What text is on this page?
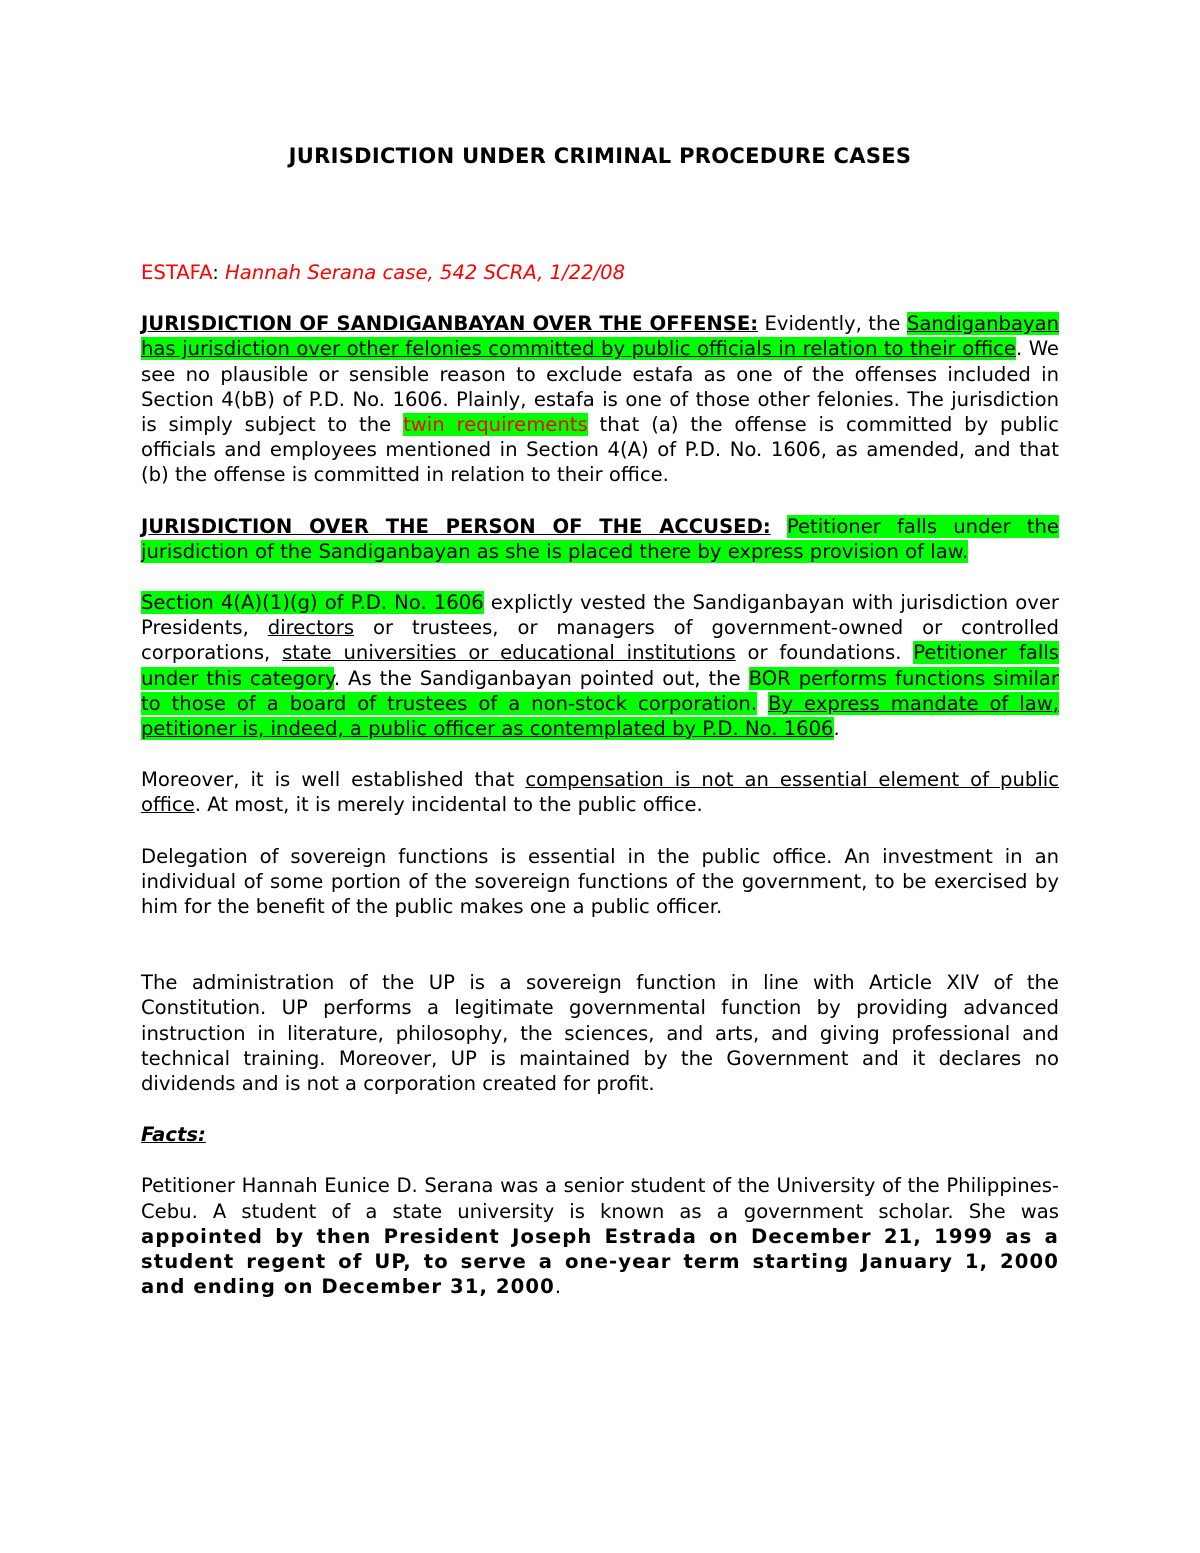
JURISDICTION UNDER CRIMINAL PROCEDURE CASES

ESTAFA: Hannah Serana case, 542 SCRA, 1/22/08

JURISDICTION OF SANDIGANBAYAN OVER THE OFFENSE: Evidently, the Sandiganbayan has jurisdiction over other felonies committed by public officials in relation to their office. We see no plausible or sensible reason to exclude estafa as one of the offenses included in Section 4(bB) of P.D. No. 1606. Plainly, estafa is one of those other felonies. The jurisdiction is simply subject to the twin requirements that (a) the offense is committed by public officials and employees mentioned in Section 4(A) of P.D. No. 1606, as amended, and that (b) the offense is committed in relation to their office.

JURISDICTION OVER THE PERSON OF THE ACCUSED: Petitioner falls under the jurisdiction of the Sandiganbayan as she is placed there by express provision of law.

Section 4(A)(1)(g) of P.D. No. 1606 explictly vested the Sandiganbayan with jurisdiction over Presidents, directors or trustees, or managers of government-owned or controlled corporations, state universities or educational institutions or foundations. Petitioner falls under this category. As the Sandiganbayan pointed out, the BOR performs functions similar to those of a board of trustees of a non-stock corporation. By express mandate of law, petitioner is, indeed, a public officer as contemplated by P.D. No. 1606.

Moreover, it is well established that compensation is not an essential element of public office. At most, it is merely incidental to the public office.

Delegation of sovereign functions is essential in the public office. An investment in an individual of some portion of the sovereign functions of the government, to be exercised by him for the benefit of the public makes one a public officer.

The administration of the UP is a sovereign function in line with Article XIV of the Constitution. UP performs a legitimate governmental function by providing advanced instruction in literature, philosophy, the sciences, and arts, and giving professional and technical training. Moreover, UP is maintained by the Government and it declares no dividends and is not a corporation created for profit.

Facts:

Petitioner Hannah Eunice D. Serana was a senior student of the University of the Philippines-Cebu. A student of a state university is known as a government scholar. She was appointed by then President Joseph Estrada on December 21, 1999 as a student regent of UP, to serve a one-year term starting January 1, 2000 and ending on December 31, 2000.
